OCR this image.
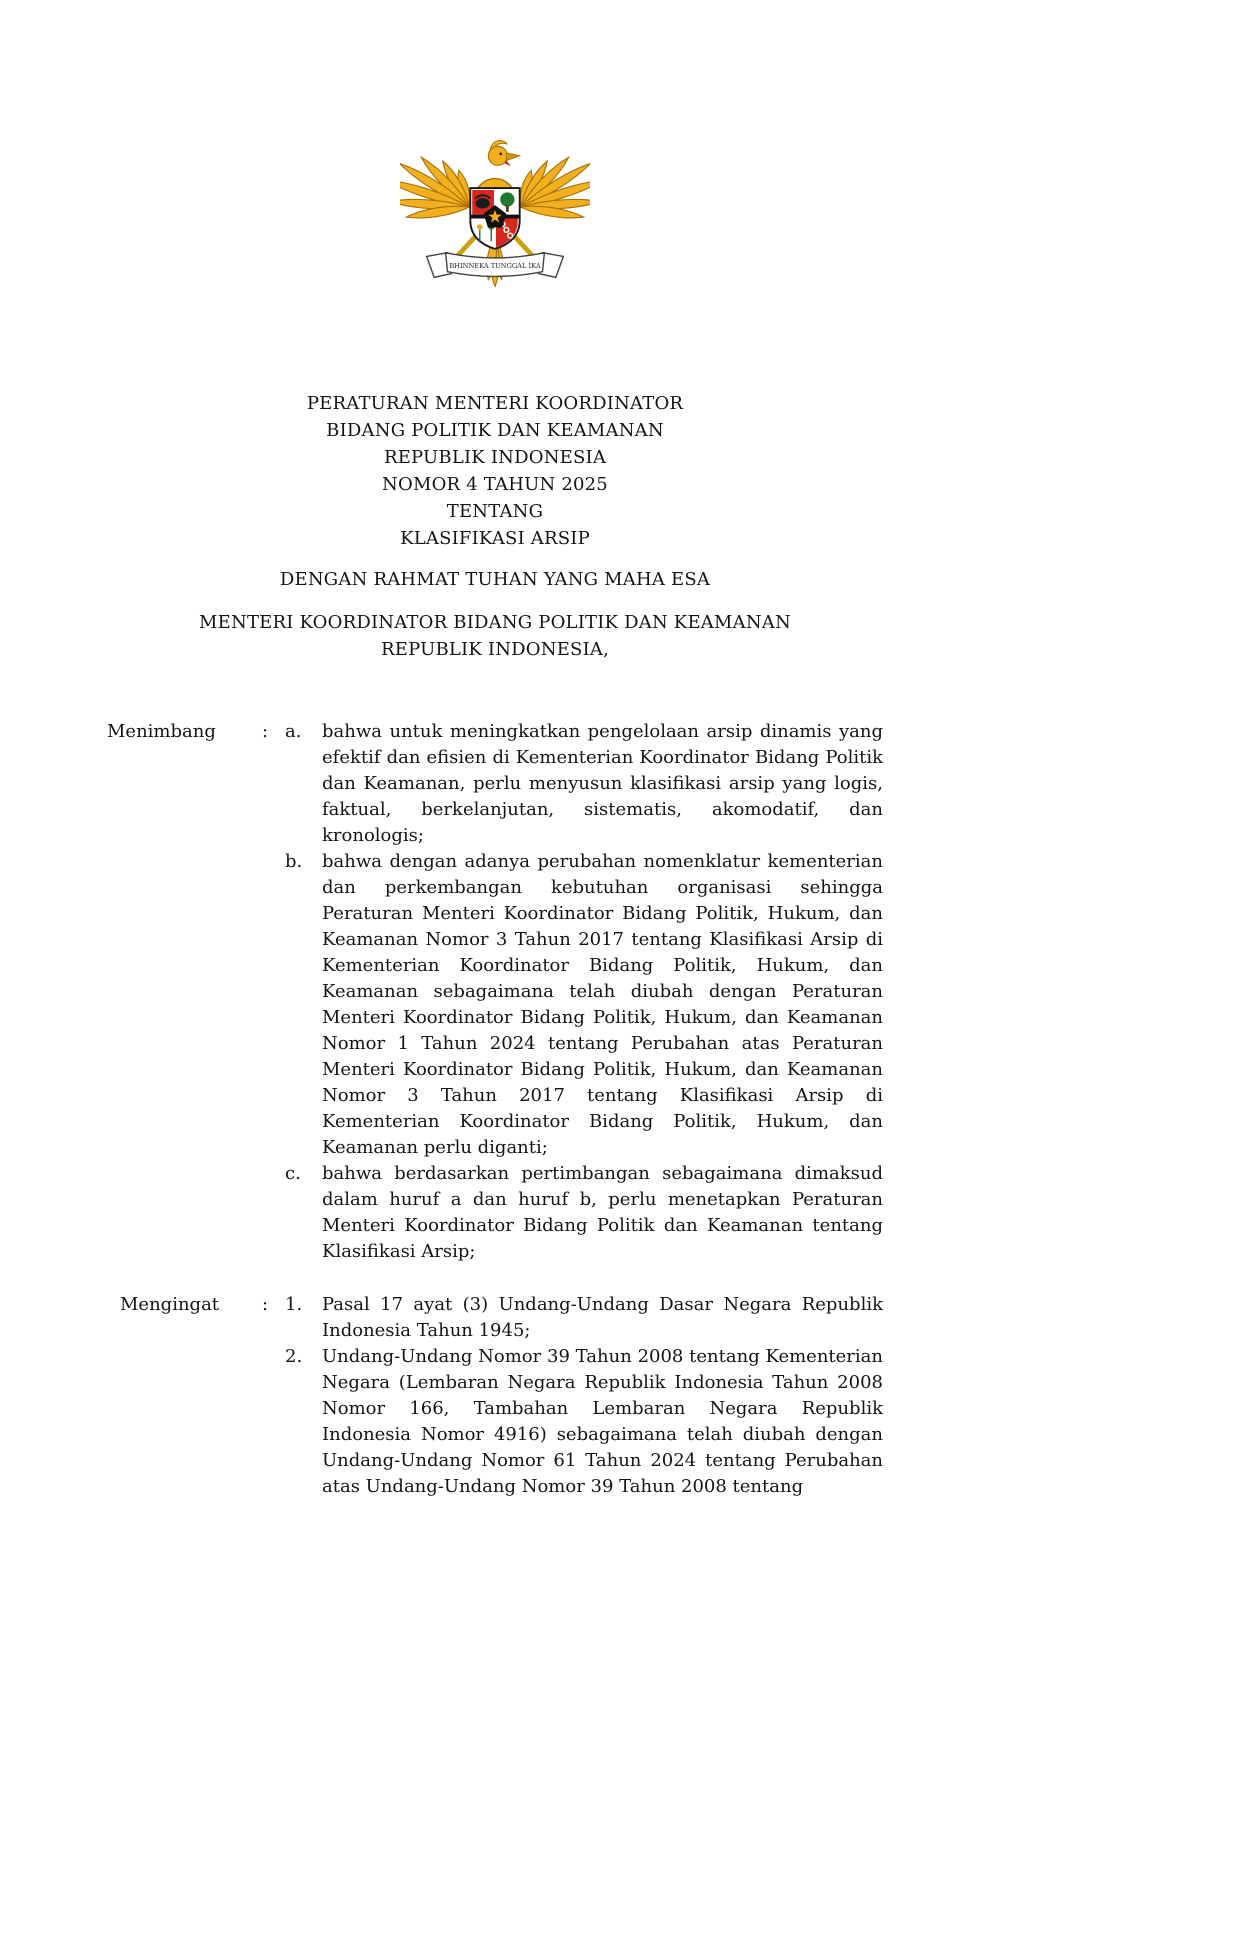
BHINNEKA TUNGGAL IKA
PERATURAN MENTERI KOORDINATOR
BIDANG POLITIK DAN KEAMANAN
REPUBLIK INDONESIA
NOMOR 4 TAHUN 2025
TENTANG
KLASIFIKASI ARSIP
DENGAN RAHMAT TUHAN YANG MAHA ESA
MENTERI KOORDINATOR BIDANG POLITIK DAN KEAMANAN
REPUBLIK INDONESIA,
Menimbang	: a.	bahwa untuk meningkatkan pengelolaan arsip dinamis yang efektif dan efisien di Kementerian Koordinator Bidang Politik dan Keamanan, perlu menyusun klasifikasi arsip yang logis, faktual, berkelanjutan, sistematis, akomodatif, dan kronologis;
b.	bahwa dengan adanya perubahan nomenklatur kementerian dan perkembangan kebutuhan organisasi sehingga Peraturan Menteri Koordinator Bidang Politik, Hukum, dan Keamanan Nomor 3 Tahun 2017 tentang Klasifikasi Arsip di Kementerian Koordinator Bidang Politik, Hukum, dan Keamanan sebagaimana telah diubah dengan Peraturan Menteri Koordinator Bidang Politik, Hukum, dan Keamanan Nomor 1 Tahun 2024 tentang Perubahan atas Peraturan Menteri Koordinator Bidang Politik, Hukum, dan Keamanan Nomor 3 Tahun 2017 tentang Klasifikasi Arsip di Kementerian Koordinator Bidang Politik, Hukum, dan Keamanan perlu diganti;
c.	bahwa berdasarkan pertimbangan sebagaimana dimaksud dalam huruf a dan huruf b, perlu menetapkan Peraturan Menteri Koordinator Bidang Politik dan Keamanan tentang Klasifikasi Arsip;
Mengingat	: 1.	Pasal 17 ayat (3) Undang-Undang Dasar Negara Republik Indonesia Tahun 1945;
2.	Undang-Undang Nomor 39 Tahun 2008 tentang Kementerian Negara (Lembaran Negara Republik Indonesia Tahun 2008 Nomor 166, Tambahan Lembaran Negara Republik Indonesia Nomor 4916) sebagaimana telah diubah dengan Undang-Undang Nomor 61 Tahun 2024 tentang Perubahan atas Undang-Undang Nomor 39 Tahun 2008 tentang
